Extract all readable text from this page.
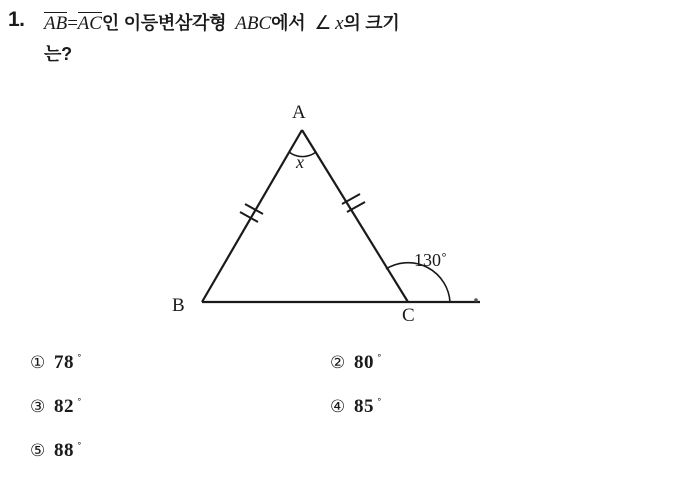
1. AB=AC인 이등변삼각형 ABC에서 ∠ x의 크기
는?
A
B	C
x
130˚
① 78 ˚	② 80 ˚
③ 82 ˚	④ 85 ˚
⑤ 88 ˚
